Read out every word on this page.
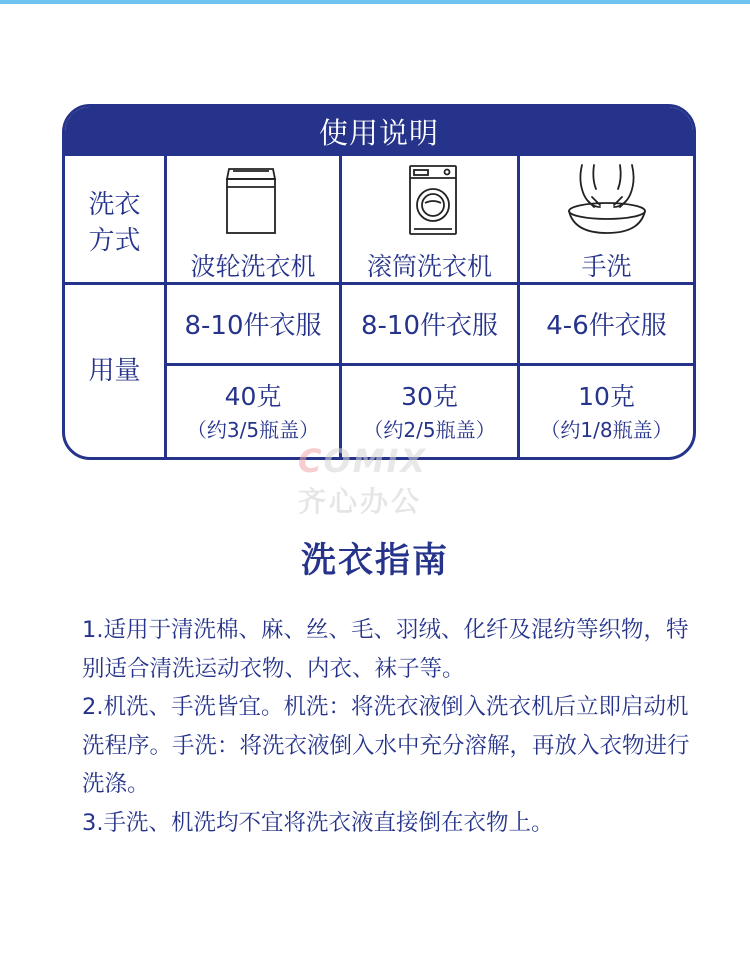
使用说明
洗衣
方式
用量
波轮洗衣机
8-10件衣服
40克
（约3/5瓶盖）
滚筒洗衣机
8-10件衣服
30克
（约2/5瓶盖）
手洗
4-6件衣服
10克
（约1/8瓶盖）
COMIX
齐心办公
洗衣指南

1.适用于清洗棉、麻、丝、毛、羽绒、化纤及混纺等织物，特别适合清洗运动衣物、内衣、袜子等。

2.机洗、手洗皆宜。机洗：将洗衣液倒入洗衣机后立即启动机洗程序。手洗：将洗衣液倒入水中充分溶解，再放入衣物进行洗涤。

3.手洗、机洗均不宜将洗衣液直接倒在衣物上。
